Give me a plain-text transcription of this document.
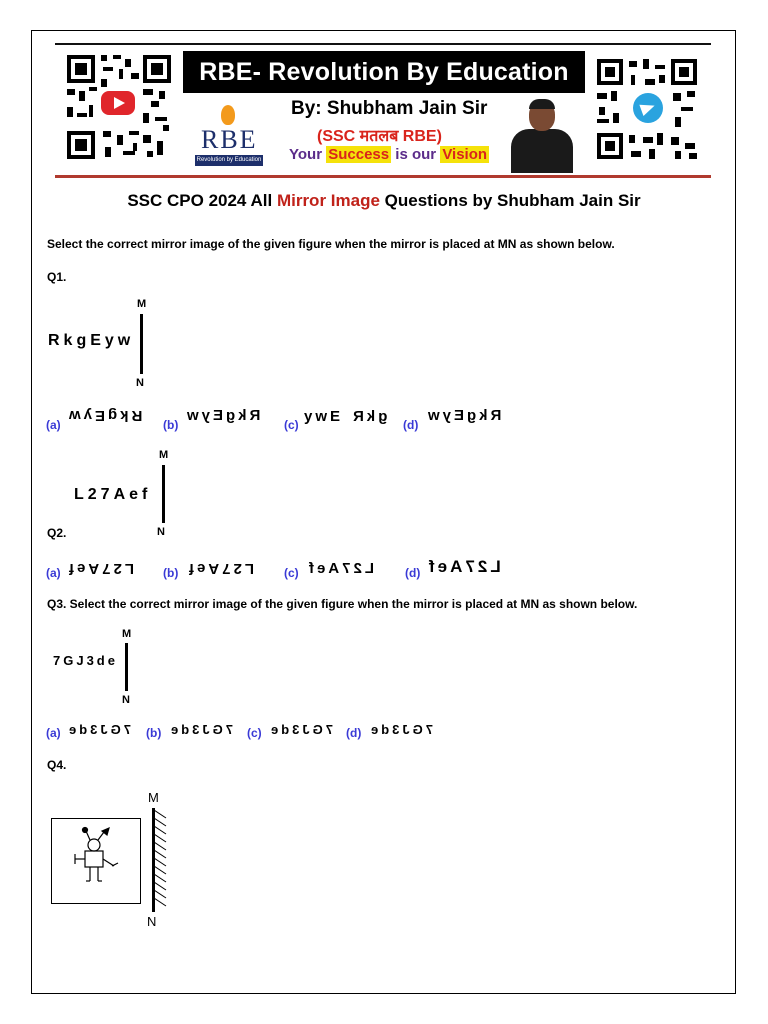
RBE- Revolution By Education
RBE
Revolution by Education
By: Shubham Jain Sir
(SSC मतलब RBE)
Your Success is our Vision
SSC CPO 2024 All Mirror Image Questions by Shubham Jain Sir
Select the correct mirror image of the given figure when the mirror is placed at MN as shown below.
Q1.
M
N
RkgEyw
(a)
RkgEyw
(b)
RkgEyw
(c) ywE gkR (d)
RkgEyw
M
N
L27Aef
Q2.
(a) L27Aef (b) L27Aef (c) L27Aef	(d) L27Aef
Q3. Select the correct mirror image of the given figure when the mirror is placed at MN as shown below.
M
N
7GJ3de
(a) 7GJ3de (b) 7GJ3de (c) 7GJ3de (d) 7GJ3de
Q4.
M
N
